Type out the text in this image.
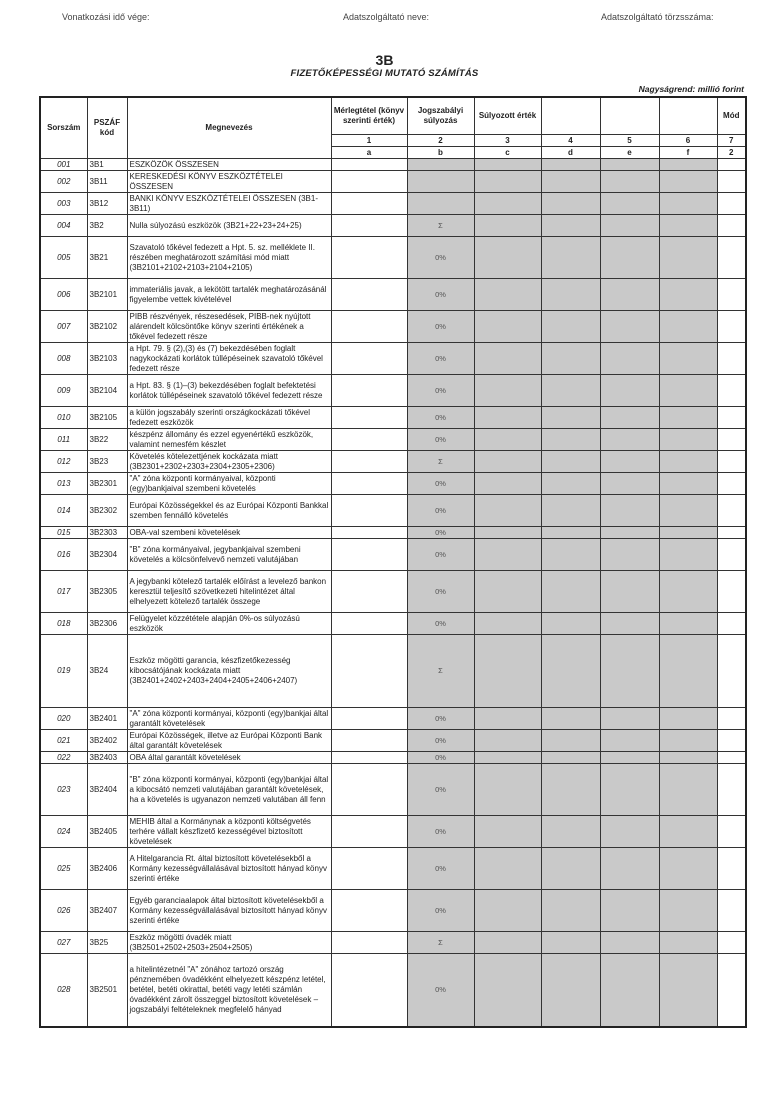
Vonatkozási idő vége:	Adatszolgáltató neve:	Adatszolgáltató törzsszáma:
3B
FIZETŐKÉPESSÉGI MUTATÓ SZÁMÍTÁS
Nagyságrend: millió forint
Sorszám	PSZÁF kód	Megnevezés	Mérlegtétel (könyv szerinti érték)	Jogszabályi súlyozás	Súlyozott érték				Mód
			1	2	3	4	5	6	7
			a	b	c	d	e	f	2
001	3B1	ESZKÖZÖK ÖSSZESEN							
002	3B11	KERESKEDÉSI KÖNYV ESZKÖZTÉTELEI ÖSSZESEN							
003	3B12	BANKI KÖNYV ESZKÖZTÉTELEI ÖSSZESEN (3B1-3B11)							
004	3B2	Nulla súlyozású eszközök (3B21+22+23+24+25)		Σ					
005	3B21	Szavatoló tőkével fedezett a Hpt. 5. sz. melléklete II. részében meghatározott számítási mód miatt (3B2101+2102+2103+2104+2105)		0%					
006	3B2101	immateriális javak, a lekötött tartalék meghatározásánál figyelembe vettek kivételével		0%					
007	3B2102	PIBB részvények, részesedések, PIBB-nek nyújtott alárendelt kölcsöntőke könyv szerinti értékének a tőkével fedezett része		0%					
008	3B2103	a Hpt. 79. § (2),(3) és (7) bekezdésében foglalt nagykockázati korlátok túllépéseinek szavatoló tőkével fedezett része		0%					
009	3B2104	a Hpt. 83. § (1)–(3) bekezdésében foglalt befektetési korlátok túllépéseinek szavatoló tőkével fedezett része		0%					
010	3B2105	a külön jogszabály szerinti országkockázati tőkével fedezett eszközök		0%					
011	3B22	készpénz állomány és ezzel egyenértékű eszközök, valamint nemesfém készlet		0%					
012	3B23	Követelés kötelezettjének kockázata miatt (3B2301+2302+2303+2304+2305+2306)		Σ					
013	3B2301	"A" zóna központi kormányaival, központi (egy)bankjaival szembeni követelés		0%					
014	3B2302	Európai Közösségekkel és az Európai Központi Bankkal szemben fennálló követelés		0%					
015	3B2303	OBA-val szembeni követelések		0%					
016	3B2304	"B" zóna kormányaival, jegybankjaival szembeni követelés a kölcsönfelvevő nemzeti valutájában		0%					
017	3B2305	A jegybanki kötelező tartalék előírást a levelező bankon keresztül teljesítő szövetkezeti hitelintézet által elhelyezett kötelező tartalék összege		0%					
018	3B2306	Felügyelet közzététele alapján 0%-os súlyozású eszközök		0%					
019	3B24	Eszköz mögötti garancia, készfizetőkezesség kibocsátójának kockázata miatt (3B2401+2402+2403+2404+2405+2406+2407)		Σ					
020	3B2401	"A" zóna központi kormányai, központi (egy)bankjai által garantált követelések		0%					
021	3B2402	Európai Közösségek, illetve az Európai Központi Bank által garantált követelések		0%					
022	3B2403	OBA által garantált követelések		0%					
023	3B2404	"B" zóna központi kormányai, központi (egy)bankjai által a kibocsátó nemzeti valutájában garantált követelések, ha a követelés is ugyanazon nemzeti valutában áll fenn		0%					
024	3B2405	MEHIB által a Kormánynak a központi költségvetés terhére vállalt készfizető kezességével biztosított követelések		0%					
025	3B2406	A Hitelgarancia Rt. által biztosított követelésekből a Kormány kezességvállalásával biztosított hányad könyv szerinti értéke		0%					
026	3B2407	Egyéb garanciaalapok által biztosított követelésekből a Kormány kezességvállalásával biztosított hányad könyv szerinti értéke		0%					
027	3B25	Eszköz mögötti óvadék miatt (3B2501+2502+2503+2504+2505)		Σ					
028	3B2501	a hitelintézetnél "A" zónához tartozó ország pénznemében óvadékként elhelyezett készpénz letétel, betétel, betéti okirattal, betéti vagy letéti számlán óvadékként zárolt összeggel biztosított követelések – jogszabályi feltételeknek megfelelő hányad		0%					
